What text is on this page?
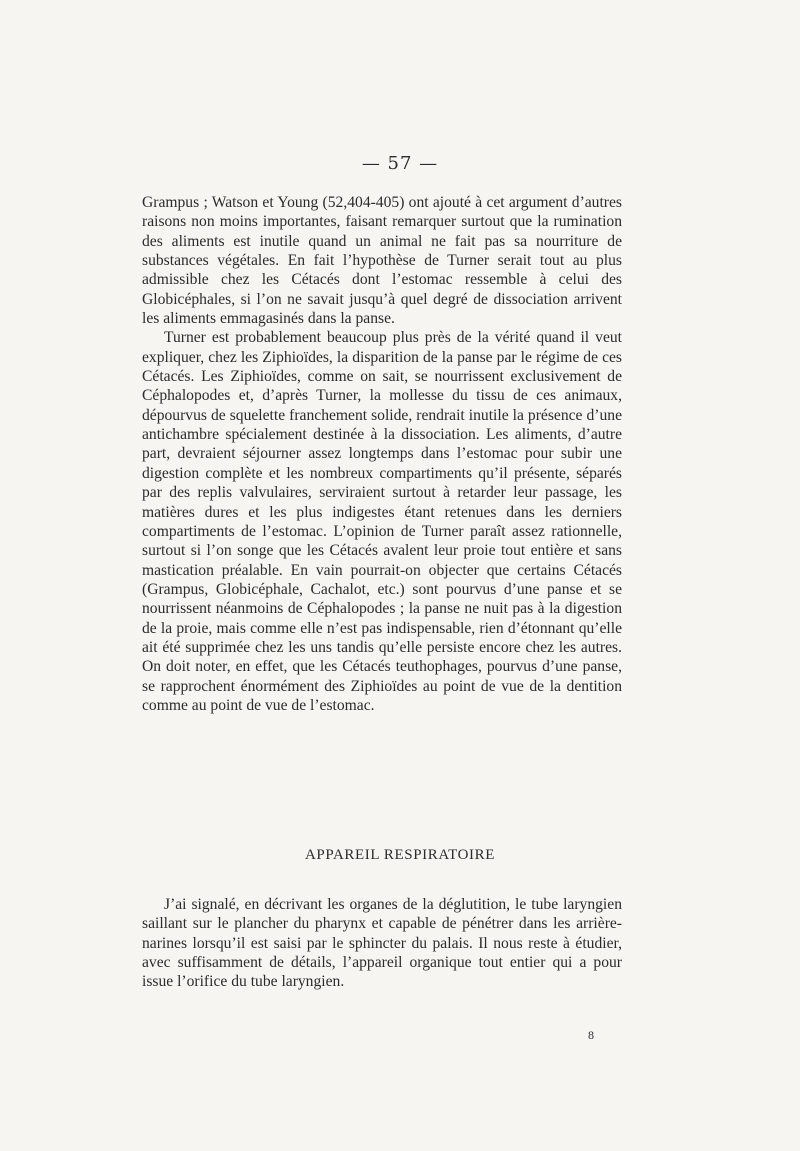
— 57 —

Grampus ; Watson et Young (52,404-405) ont ajouté à cet argument d’autres raisons non moins importantes, faisant remarquer surtout que la rumination des aliments est inutile quand un animal ne fait pas sa nourriture de substances végétales. En fait l’hypothèse de Turner serait tout au plus admissible chez les Cétacés dont l’estomac ressemble à celui des Globicéphales, si l’on ne savait jusqu’à quel degré de dissociation arrivent les aliments emmagasinés dans la panse.

Turner est probablement beaucoup plus près de la vérité quand il veut expliquer, chez les Ziphioïdes, la disparition de la panse par le régime de ces Cétacés. Les Ziphioïdes, comme on sait, se nourrissent exclusivement de Céphalopodes et, d’après Turner, la mollesse du tissu de ces animaux, dépourvus de squelette franchement solide, rendrait inutile la présence d’une antichambre spécialement destinée à la dissociation. Les aliments, d’autre part, devraient séjourner assez longtemps dans l’estomac pour subir une digestion complète et les nombreux compartiments qu’il présente, séparés par des replis valvulaires, serviraient surtout à retarder leur passage, les matières dures et les plus indigestes étant retenues dans les derniers compartiments de l’estomac. L’opinion de Turner paraît assez rationnelle, surtout si l’on songe que les Cétacés avalent leur proie tout entière et sans mastication préalable. En vain pourrait-on objecter que certains Cétacés (Grampus, Globicéphale, Cachalot, etc.) sont pourvus d’une panse et se nourrissent néanmoins de Céphalopodes ; la panse ne nuit pas à la digestion de la proie, mais comme elle n’est pas indispensable, rien d’étonnant qu’elle ait été supprimée chez les uns tandis qu’elle persiste encore chez les autres. On doit noter, en effet, que les Cétacés teuthophages, pourvus d’une panse, se rapprochent énormément des Ziphioïdes au point de vue de la dentition comme au point de vue de l’estomac.

APPAREIL RESPIRATOIRE

J’ai signalé, en décrivant les organes de la déglutition, le tube laryngien saillant sur le plancher du pharynx et capable de pénétrer dans les arrière-narines lorsqu’il est saisi par le sphincter du palais. Il nous reste à étudier, avec suffisamment de détails, l’appareil organique tout entier qui a pour issue l’orifice du tube laryngien.

8
